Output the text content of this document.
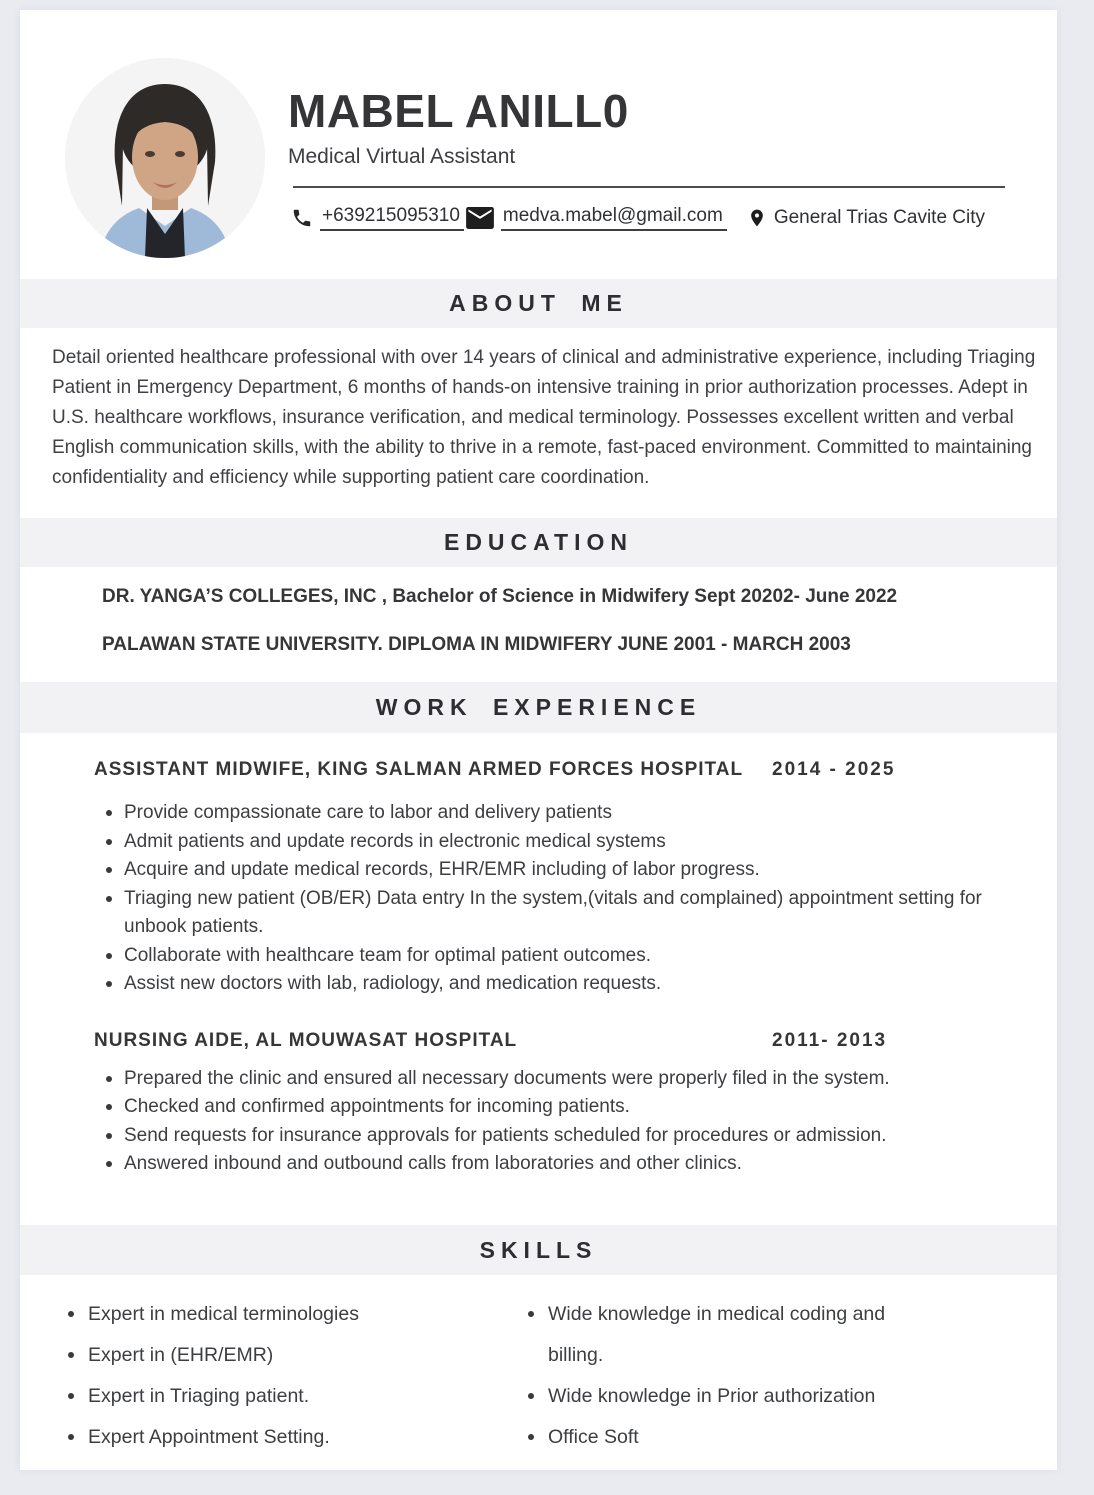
MABEL ANILL0
Medical Virtual Assistant
+639215095310 medva.mabel@gmail.com	General Trias Cavite City
ABOUT ME

Detail oriented healthcare professional with over 14 years of clinical and administrative experience, including Triaging Patient in Emergency Department, 6 months of hands-on intensive training in prior authorization processes. Adept in U.S. healthcare workflows, insurance verification, and medical terminology. Possesses excellent written and verbal English communication skills, with the ability to thrive in a remote, fast-paced environment. Committed to maintaining confidentiality and efficiency while supporting patient care coordination.

EDUCATION
DR. YANGA’S COLLEGES, INC , Bachelor of Science in Midwifery Sept 20202- June 2022
PALAWAN STATE UNIVERSITY. DIPLOMA IN MIDWIFERY JUNE 2001 - MARCH 2003
WORK EXPERIENCE
ASSISTANT MIDWIFE, KING SALMAN ARMED FORCES HOSPITAL 2014 - 2025
Provide compassionate care to labor and delivery patients
Admit patients and update records in electronic medical systems
Acquire and update medical records, EHR/EMR including of labor progress.
Triaging new patient (OB/ER) Data entry In the system,(vitals and complained) appointment setting for unbook patients.
Collaborate with healthcare team for optimal patient outcomes.
Assist new doctors with lab, radiology, and medication requests.
NURSING AIDE, AL MOUWASAT HOSPITAL	2011- 2013
Prepared the clinic and ensured all necessary documents were properly filed in the system.
Checked and confirmed appointments for incoming patients.
Send requests for insurance approvals for patients scheduled for procedures or admission.
Answered inbound and outbound calls from laboratories and other clinics.
SKILLS
Expert in medical terminologies
Expert in (EHR/EMR)
Expert in Triaging patient.
Expert Appointment Setting.
Wide knowledge in medical coding and billing.
Wide knowledge in Prior authorization
Office Soft
